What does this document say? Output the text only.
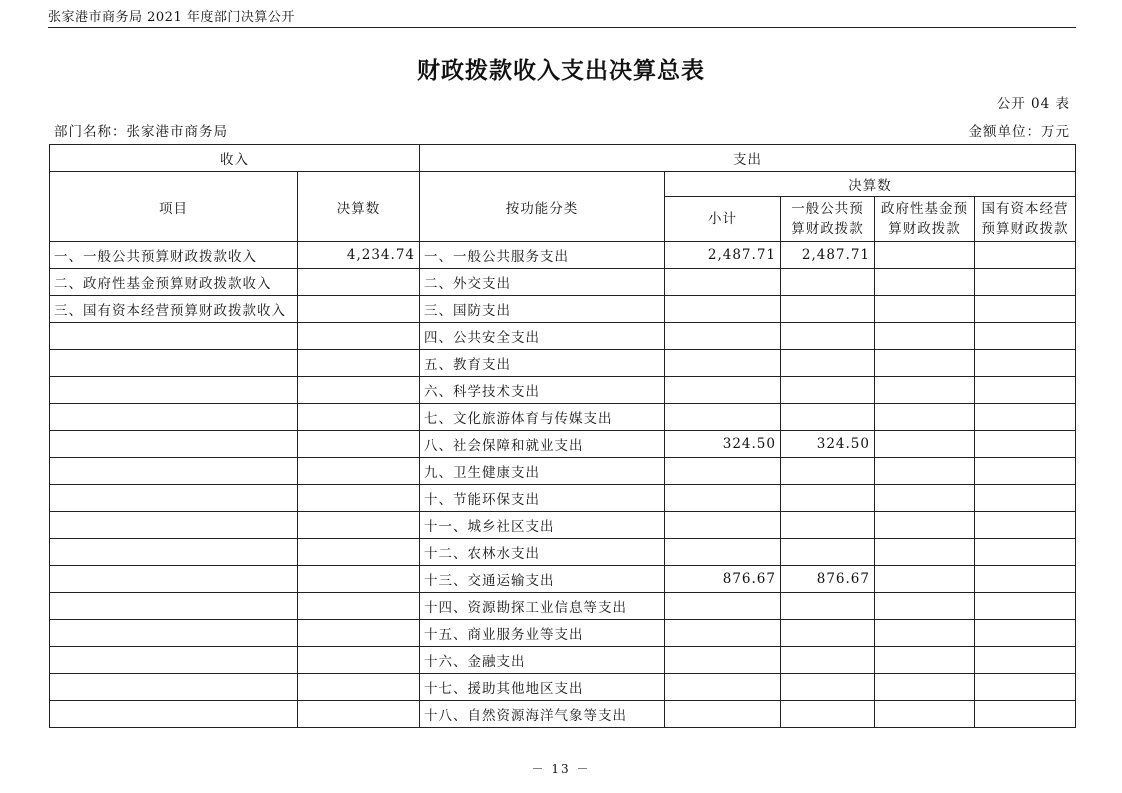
张家港市商务局 2021 年度部门决算公开
财政拨款收入支出决算总表
公开 04 表
部门名称：张家港市商务局	金额单位：万元
收入		支出				
项目	决算数	按功能分类	决算数			
			小计	一般公共预算财政拨款	政府性基金预算财政拨款	国有资本经营预算财政拨款
一、一般公共预算财政拨款收入	4,234.74	一、一般公共服务支出	2,487.71	2,487.71		
二、政府性基金预算财政拨款收入		二、外交支出				
三、国有资本经营预算财政拨款收入		三、国防支出				
		四、公共安全支出				
		五、教育支出				
		六、科学技术支出				
		七、文化旅游体育与传媒支出				
		八、社会保障和就业支出	324.50	324.50		
		九、卫生健康支出				
		十、节能环保支出				
		十一、城乡社区支出				
		十二、农林水支出				
		十三、交通运输支出	876.67	876.67		
		十四、资源勘探工业信息等支出				
		十五、商业服务业等支出				
		十六、金融支出				
		十七、援助其他地区支出				
		十八、自然资源海洋气象等支出				
－ 13 －
